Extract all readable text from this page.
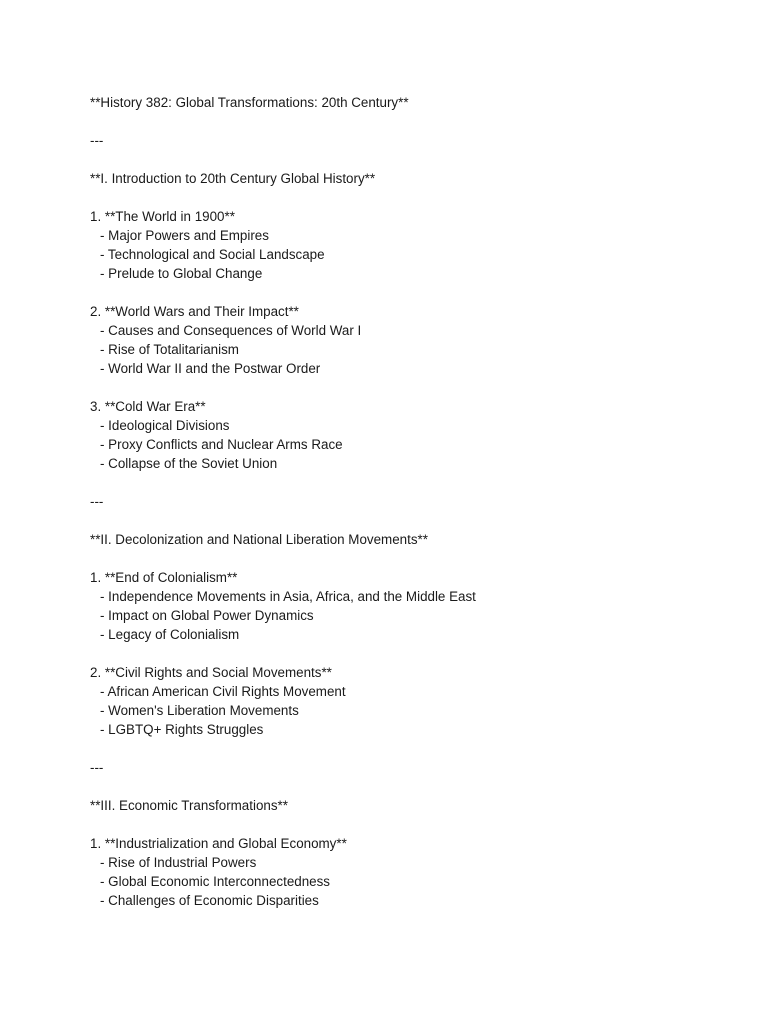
**History 382: Global Transformations: 20th Century**
---
**I. Introduction to 20th Century Global History**
1. **The World in 1900**
- Major Powers and Empires
- Technological and Social Landscape
- Prelude to Global Change
2. **World Wars and Their Impact**
- Causes and Consequences of World War I
- Rise of Totalitarianism
- World War II and the Postwar Order
3. **Cold War Era**
- Ideological Divisions
- Proxy Conflicts and Nuclear Arms Race
- Collapse of the Soviet Union
---
**II. Decolonization and National Liberation Movements**
1. **End of Colonialism**
- Independence Movements in Asia, Africa, and the Middle East
- Impact on Global Power Dynamics
- Legacy of Colonialism
2. **Civil Rights and Social Movements**
- African American Civil Rights Movement
- Women's Liberation Movements
- LGBTQ+ Rights Struggles
---
**III. Economic Transformations**
1. **Industrialization and Global Economy**
- Rise of Industrial Powers
- Global Economic Interconnectedness
- Challenges of Economic Disparities
